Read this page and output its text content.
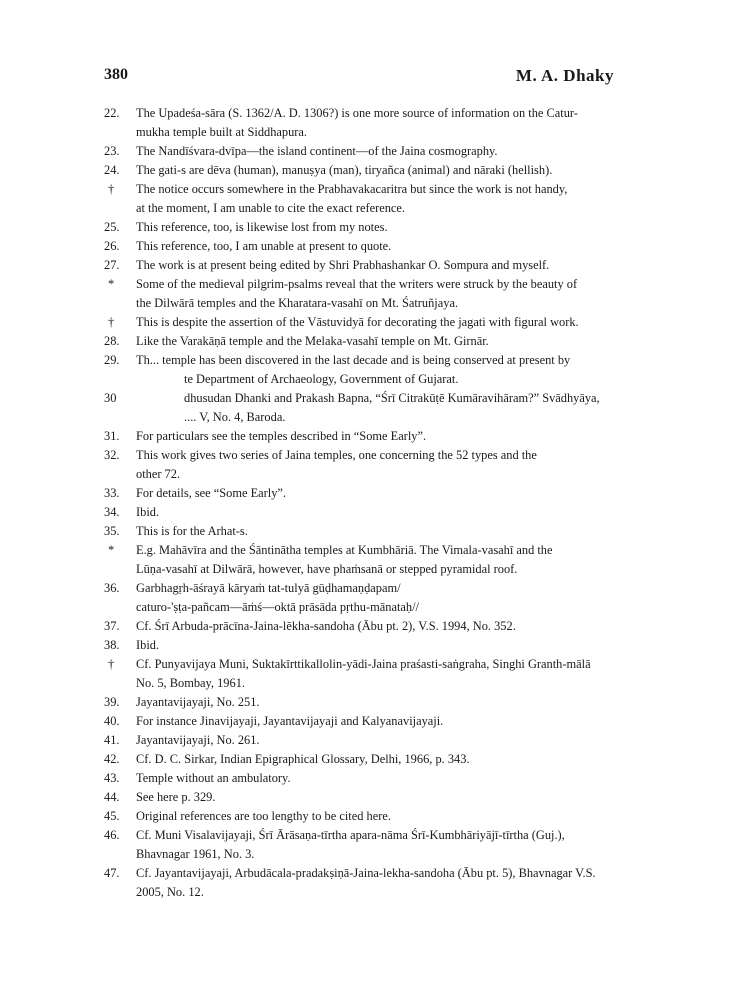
380	M. A. Dhaky
22.	The Upadeśa-sāra (S. 1362/A. D. 1306?) is one more source of information on the Catur-
mukha temple built at Siddhapura.
23.	The Nandīśvara-dvīpa—the island continent—of the Jaina cosmography.
24.	The gati-s are dēva (human), manuṣya (man), tiryañca (animal) and nāraki (hellish).
†	The notice occurs somewhere in the Prabhavakacaritra but since the work is not handy,
at the moment, I am unable to cite the exact reference.
25.	This reference, too, is likewise lost from my notes.
26.	This reference, too, I am unable at present to quote.
27.	The work is at present being edited by Shri Prabhashankar O. Sompura and myself.
*	Some of the medieval pilgrim-psalms reveal that the writers were struck by the beauty of
the Dilwārā temples and the Kharatara-vasahī on Mt. Śatruñjaya.
†	This is despite the assertion of the Vāstuvidyā for decorating the jagati with figural work.
28.	Like the Varakāṇā temple and the Melaka-vasahī temple on Mt. Girnār.
29.	Th... temple has been discovered in the last decade and is being conserved at present by
te Department of Archaeology, Government of Gujarat.
30	dhusudan Dhanki and Prakash Bapna, “Śrī Citrakūṭē Kumāravihāram?” Svādhyāya,
.... V, No. 4, Baroda.
31.	For particulars see the temples described in “Some Early”.
32.	This work gives two series of Jaina temples, one concerning the 52 types and the
other 72.
33.	For details, see “Some Early”.
34.	Ibid.
35.	This is for the Arhat-s.
*	E.g. Mahāvīra and the Śāntinātha temples at Kumbhāriā. The Vimala-vasahī and the
Lūṇa-vasahī at Dilwārā, however, have phaṁsanā or stepped pyramidal roof.
36.	Garbhagṛh-āśrayā kāryaṁ tat-tulyā gūḍhamaṇḍapam/
caturo-'ṣṭa-pañcam—āṁś—oktā prāsāda pṛthu-mānataḥ//
37.	Cf. Śrī Arbuda-prācīna-Jaina-lēkha-sandoha (Ābu pt. 2), V.S. 1994, No. 352.
38.	Ibid.
†	Cf. Punyavijaya Muni, Suktakīrttikallolin-yādi-Jaina praśasti-saṅgraha, Singhi Granth-mālā
No. 5, Bombay, 1961.
39.	Jayantavijayaji, No. 251.
40.	For instance Jinavijayaji, Jayantavijayaji and Kalyanavijayaji.
41.	Jayantavijayaji, No. 261.
42.	Cf. D. C. Sirkar, Indian Epigraphical Glossary, Delhi, 1966, p. 343.
43.	Temple without an ambulatory.
44.	See here p. 329.
45.	Original references are too lengthy to be cited here.
46.	Cf. Muni Visalavijayaji, Śrī Ārāsaṇa-tīrtha apara-nāma Śrī-Kumbhāriyājī-tīrtha (Guj.),
Bhavnagar 1961, No. 3.
47.	Cf. Jayantavijayaji, Arbudācala-pradakṣiṇā-Jaina-lekha-sandoha (Ābu pt. 5), Bhavnagar V.S.
2005, No. 12.
